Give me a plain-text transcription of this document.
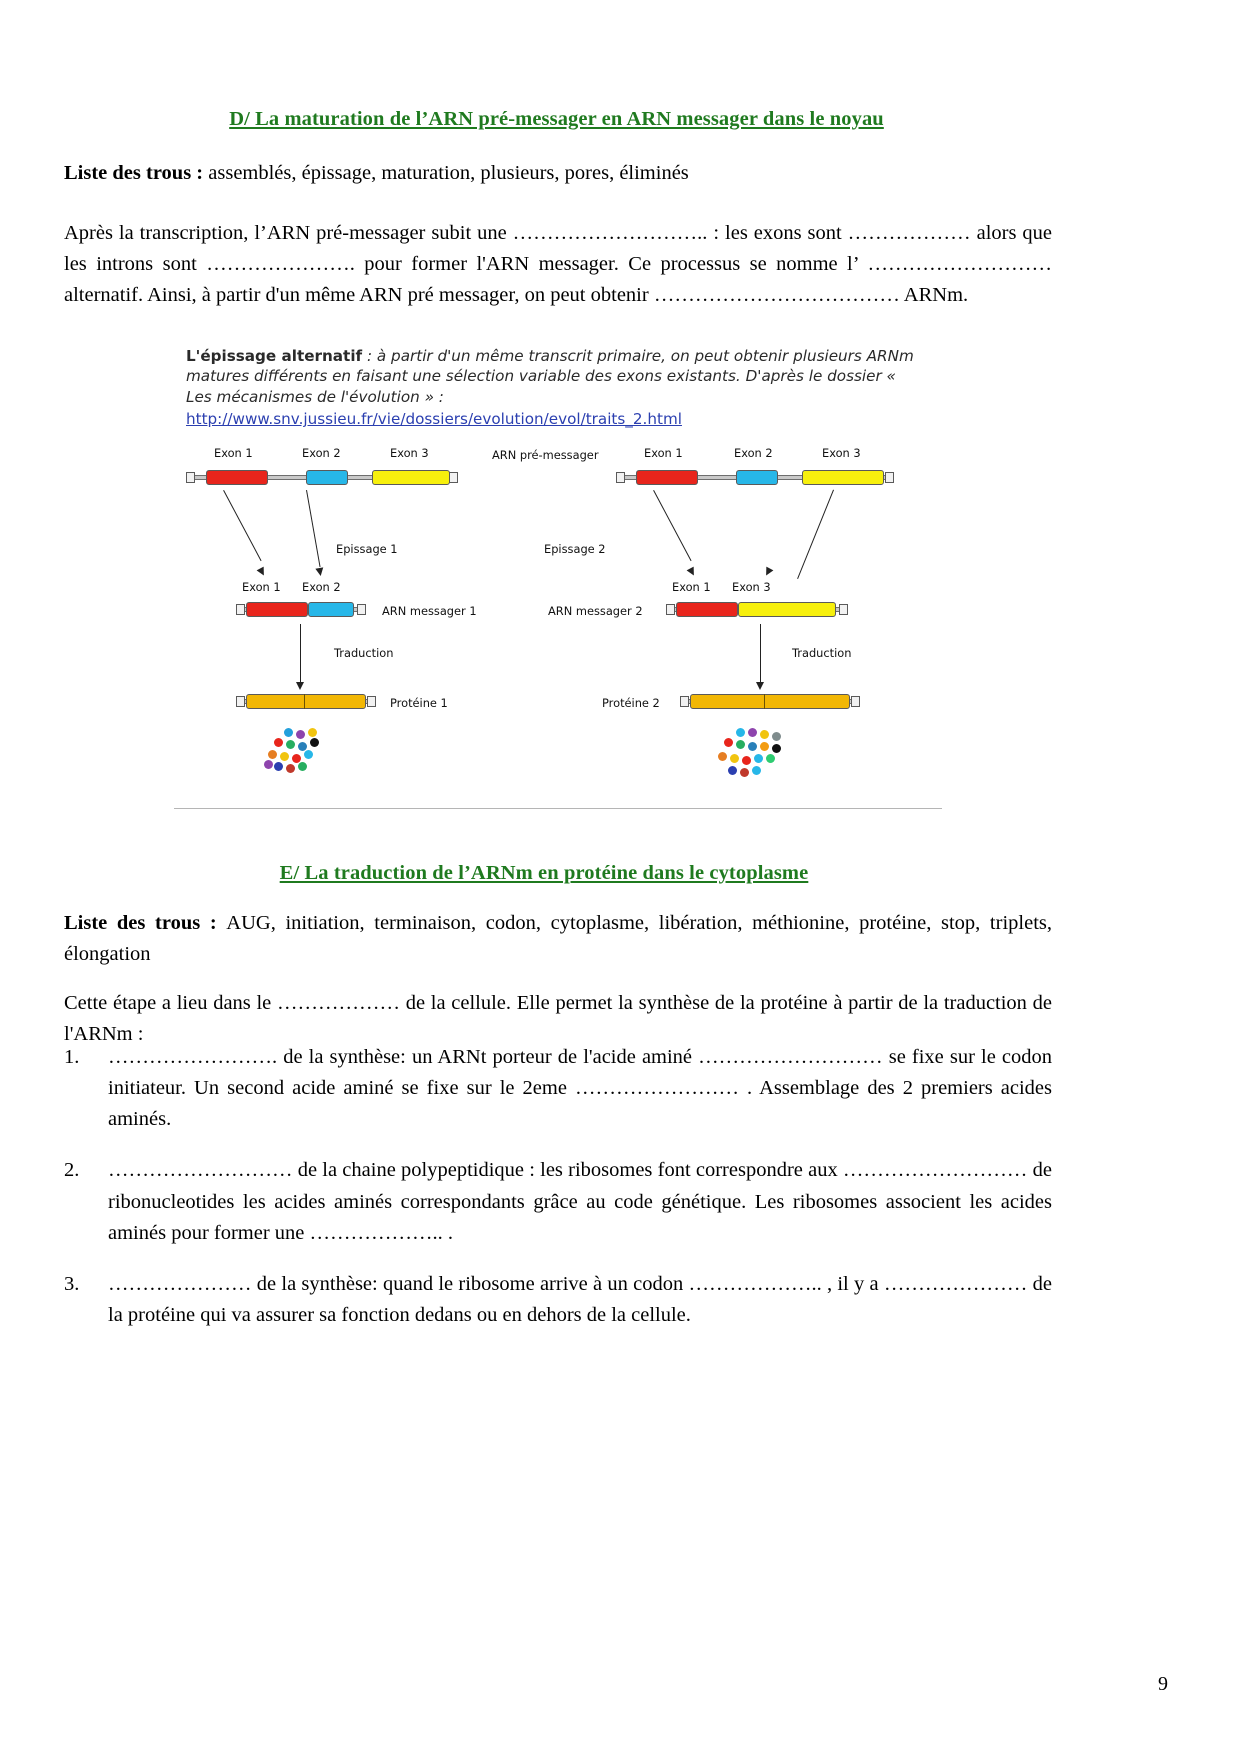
D/ La maturation de l’ARN pré-messager en ARN messager dans le noyau
Liste des trous : assemblés, épissage, maturation, plusieurs, pores, éliminés
Après la transcription, l’ARN pré-messager subit une ……………………….. : les exons sont ……………… alors que les introns sont …………………. pour former l'ARN messager. Ce processus se nomme l’ ……………………… alternatif. Ainsi, à partir d'un même ARN pré messager, on peut obtenir ……………………………… ARNm.
L'épissage alternatif : à partir d'un même transcrit primaire, on peut obtenir plusieurs ARNm matures différents en faisant une sélection variable des exons existants. D'après le dossier « Les mécanismes de l'évolution » :
http://www.snv.jussieu.fr/vie/dossiers/evolution/evol/traits_2.html
Exon 1	Exon 2	Exon 3	ARN pré-messager
Epissage 1
Exon 1 Exon 2
ARN messager 1
Traduction
Protéine 1
Exon 1	Exon 2	Exon 3
Epissage 2
Exon 1 Exon 3
ARN messager 2
Traduction
Protéine 2
E/ La traduction de l’ARNm en protéine dans le cytoplasme
Liste des trous : AUG, initiation, terminaison, codon, cytoplasme, libération, méthionine, protéine, stop, triplets, élongation
Cette étape a lieu dans le ……………… de la cellule. Elle permet la synthèse de la protéine à partir de la traduction de l'ARNm :
1.	……………………. de la synthèse: un ARNt porteur de l'acide aminé ……………………… se fixe sur le codon initiateur. Un second acide aminé se fixe sur le 2eme …………………… . Assemblage des 2 premiers acides aminés.
2.	……………………… de la chaine polypeptidique : les ribosomes font correspondre aux ……………………… de ribonucleotides les acides aminés correspondants grâce au code génétique. Les ribosomes associent les acides aminés pour former une ……………….. .
3.	………………… de la synthèse: quand le ribosome arrive à un codon ……………….. , il y a ………………… de la protéine qui va assurer sa fonction dedans ou en dehors de la cellule.
9
